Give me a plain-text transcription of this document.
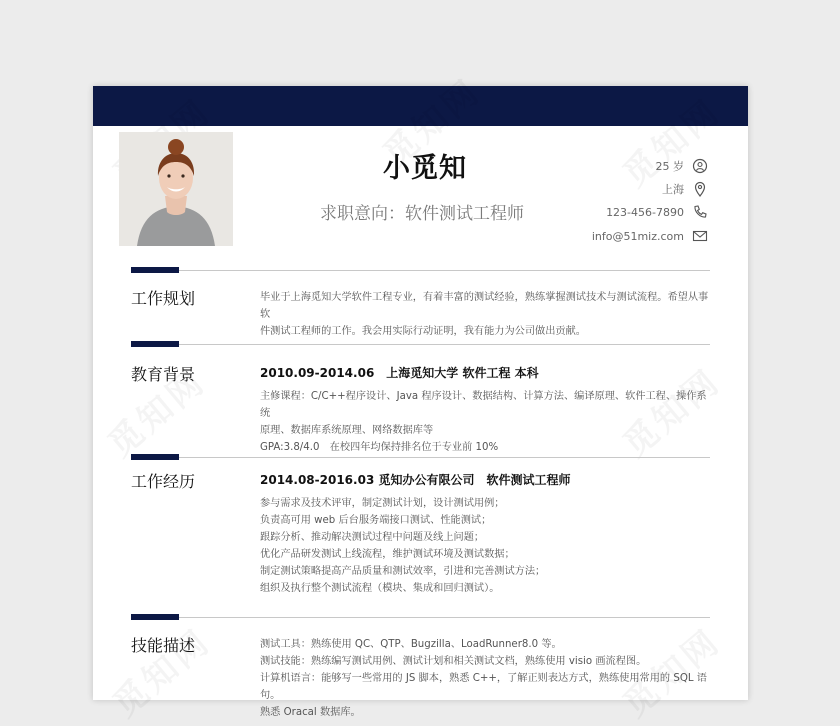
小觅知
求职意向：软件测试工程师
25 岁
上海
123-456-7890
info@51miz.com
工作规划	毕业于上海觅知大学软件工程专业，有着丰富的测试经验，熟练掌握测试技术与测试流程。希望从事软

件测试工程师的工作。我会用实际行动证明，我有能力为公司做出贡献。

教育背景	2010.09-2014.06　上海觅知大学 软件工程 本科

主修课程：C/C++程序设计、Java 程序设计、数据结构、计算方法、编译原理、软件工程、操作系统

原理、数据库系统原理、网络数据库等

GPA:3.8/4.0　在校四年均保持排名位于专业前 10%

工作经历	2014.08-2016.03 觅知办公有限公司　软件测试工程师

参与需求及技术评审，制定测试计划，设计测试用例；

负责高可用 web 后台服务端接口测试、性能测试；

跟踪分析、推动解决测试过程中问题及线上问题；

优化产品研发测试上线流程，维护测试环境及测试数据；

制定测试策略提高产品质量和测试效率，引进和完善测试方法；

组织及执行整个测试流程（模块、集成和回归测试）。

技能描述	测试工具：熟练使用 QC、QTP、Bugzilla、LoadRunner8.0 等。

测试技能：熟练编写测试用例、测试计划和相关测试文档，熟练使用 visio 画流程图。

计算机语言：能够写一些常用的 JS 脚本，熟悉 C++，了解正则表达方式，熟练使用常用的 SQL 语句。

熟悉 Oracal 数据库。
